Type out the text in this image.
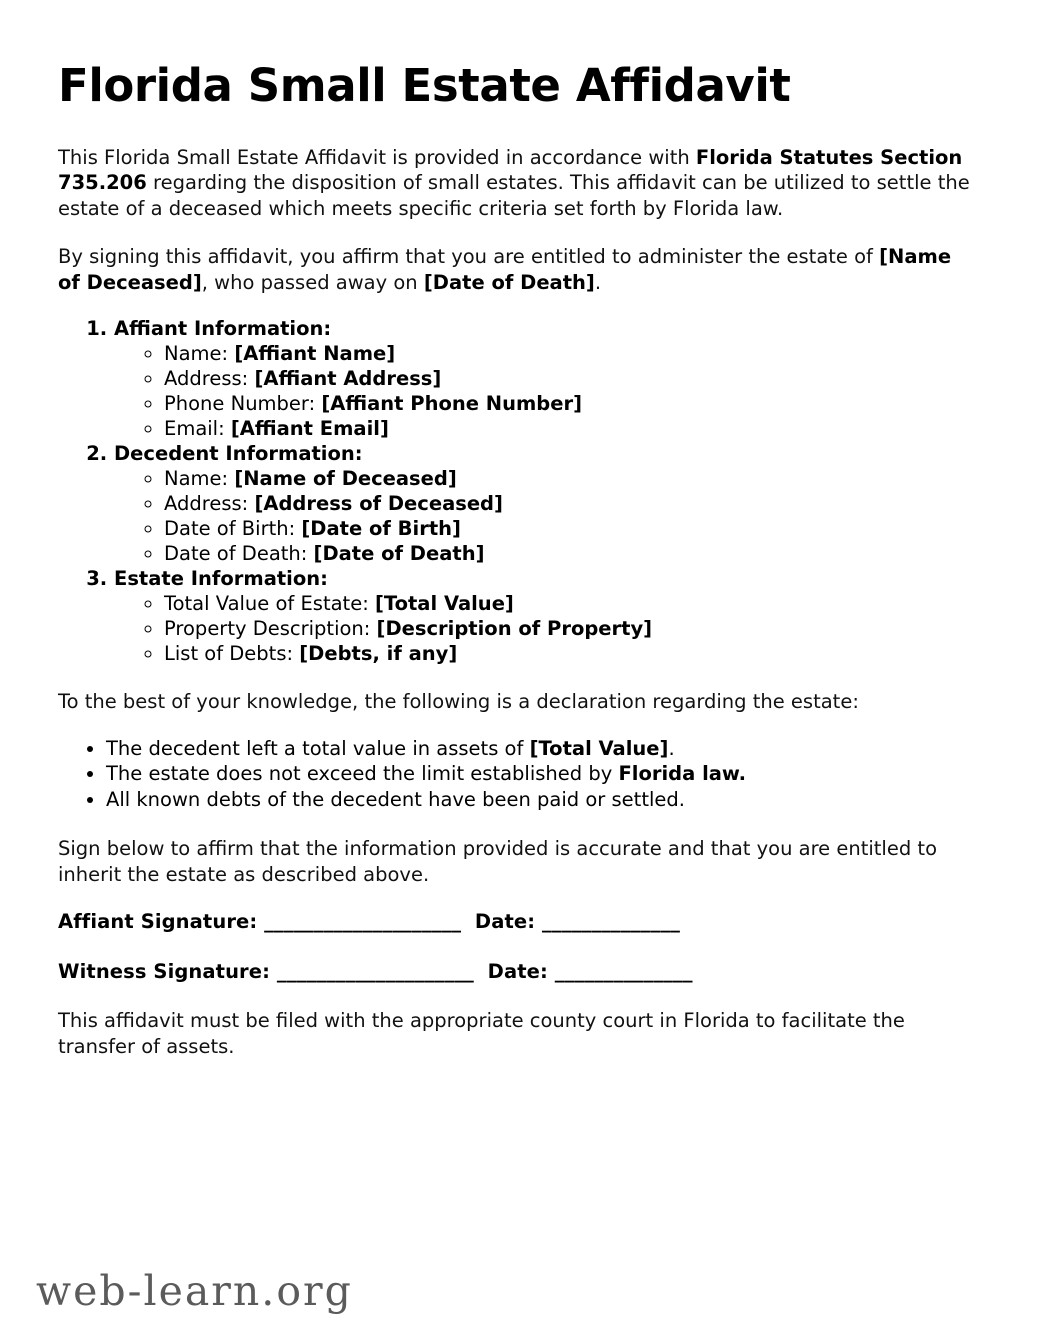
Florida Small Estate Affidavit

This Florida Small Estate Affidavit is provided in accordance with Florida Statutes Section 735.206 regarding the disposition of small estates. This affidavit can be utilized to settle the estate of a deceased which meets specific criteria set forth by Florida law.

By signing this affidavit, you affirm that you are entitled to administer the estate of [Name of Deceased], who passed away on [Date of Death].

1. Affiant Information:
◦ Name: [Affiant Name]
◦ Address: [Affiant Address]
◦ Phone Number: [Affiant Phone Number]
◦ Email: [Affiant Email]
2. Decedent Information:
◦ Name: [Name of Deceased]
◦ Address: [Address of Deceased]
◦ Date of Birth: [Date of Birth]
◦ Date of Death: [Date of Death]
3. Estate Information:
◦ Total Value of Estate: [Total Value]
◦ Property Description: [Description of Property]
◦ List of Debts: [Debts, if any]

To the best of your knowledge, the following is a declaration regarding the estate:

• The decedent left a total value in assets of [Total Value].
• The estate does not exceed the limit established by Florida law.
• All known debts of the decedent have been paid or settled.

Sign below to affirm that the information provided is accurate and that you are entitled to inherit the estate as described above.

Affiant Signature: ____________________  Date: ______________
Witness Signature: ____________________  Date: ______________

This affidavit must be filed with the appropriate county court in Florida to facilitate the transfer of assets.

web-learn.org
